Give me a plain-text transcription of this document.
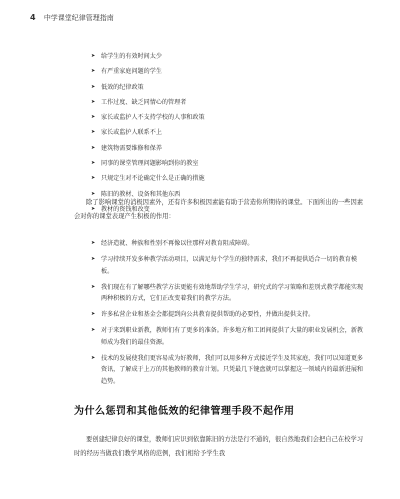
4 中学课堂纪律管理指南
➤ 给学生的有效时间太少
➤ 有严重家庭问题的学生
➤ 低效的纪律政策
➤ 工作过度、缺乏同情心的管理者
➤ 家长或监护人不支持学校的人事和政策
➤ 家长或监护人联系不上
➤ 建筑物需要维修和保养
➤ 同事的课堂管理问题影响到你的教室
➤ 只规定生对不论确定什么是正确的措施
➤ 陈旧的教材、设备和其他东西
➤ 教材的资钱和改变

除了影响课堂的消极因素外，还有许多积极因素能有助于营造你所期待的课堂。下面所出的一些因素会对你的课堂表现产生积极的作用：

➤ 经济造就、种族和性别不再像以往那样对教育阻成障碍。
➤ 学习持续开发多种教学活动项目，以满足每个学生的独特需求，我们不再提供适合一切的教育模板。
➤ 我们现在有了解哪些教学方法更能有效地帮助学生学习，研究式的学习策略和差别式教学都能实现两种积极的方式，它们正改变着我们的教学方法。
➤ 许多私营企业和基金会都提到向公共教育提供帮助的必要性，并做出提供支持。
➤ 对于来到职业新教，教师们有了更多的准备。许多地方和工团间提供了大量的职业发展机会，新教师成为我们的最佳资源。
➤ 技术的发展使我们更容易成为好教师，我们可以用多种方式接近学生及其家庭，我们可以知道更多资讯，了解成于上万的其他教师的教育计划。只凭最几下键盘就可以掌握这一领域内的最新进展和趋势。
为什么惩罚和其他低效的纪律管理手段不起作用

要创建纪律良好的课堂，教师们应识到依靠陈旧的方法是行不通的，很自然地我们会把自己在校学习时的经历当做我们教学风格的范例，我们相给予学生我
